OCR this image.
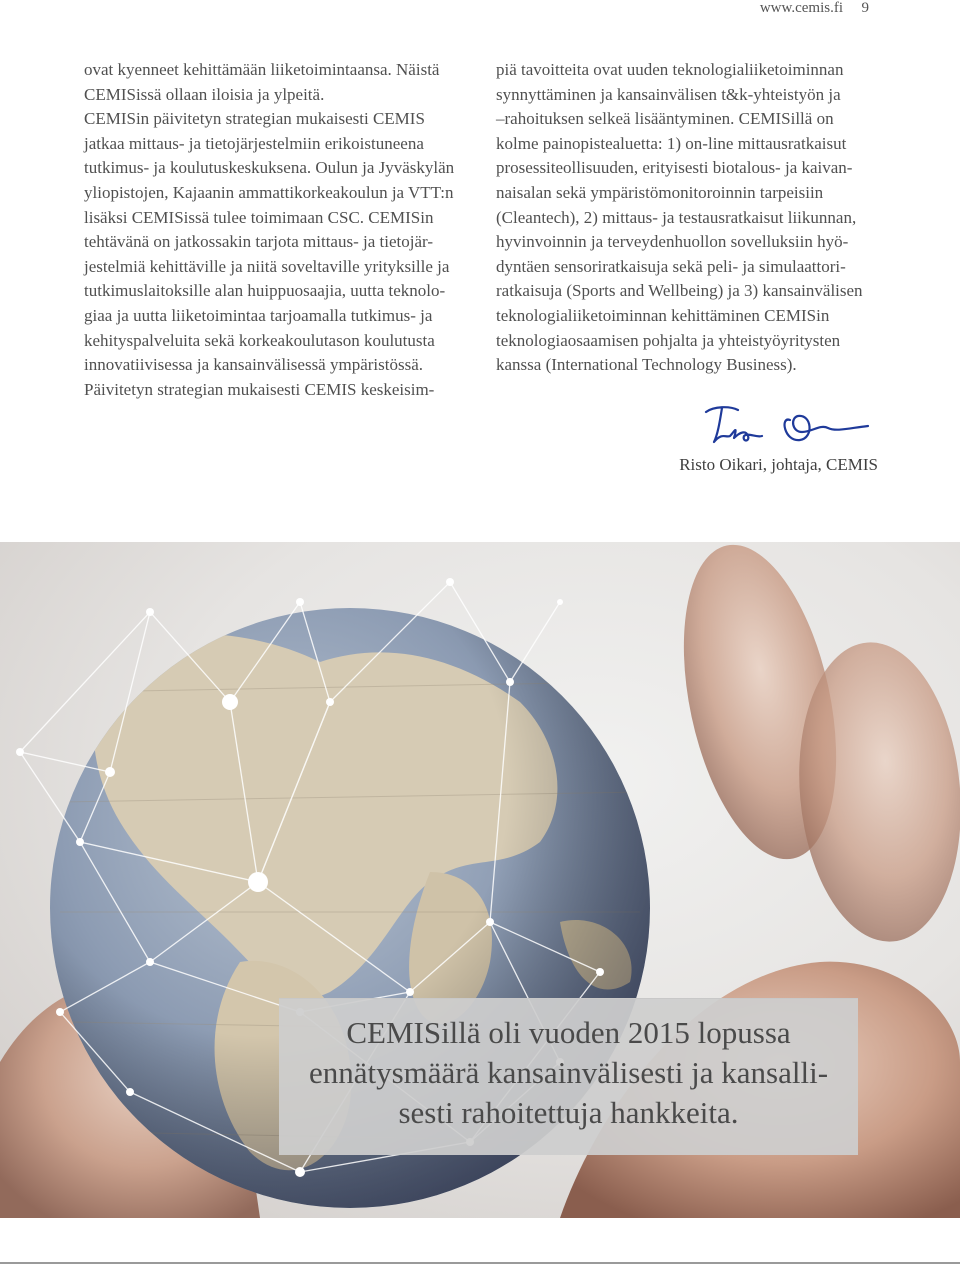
www.cemis.fi 9
ovat kyenneet kehittämään liiketoimintaansa. Näistä
CEMISissä ollaan iloisia ja ylpeitä.
CEMISin päivitetyn strategian mukaisesti CEMIS
jatkaa mittaus- ja tietojärjestelmiin erikoistuneena
tutkimus- ja koulutuskeskuksena. Oulun ja Jyväskylän
yliopistojen, Kajaanin ammattikorkeakoulun ja VTT:n
lisäksi CEMISissä tulee toimimaan CSC. CEMISin
tehtävänä on jatkossakin tarjota mittaus- ja tietojär-
jestelmiä kehittäville ja niitä soveltaville yrityksille ja
tutkimuslaitoksille alan huippuosaajia, uutta teknolo-
giaa ja uutta liiketoimintaa tarjoamalla tutkimus- ja
kehityspalveluita sekä korkeakoulutason koulutusta
innovatiivisessa ja kansainvälisessä ympäristössä.
Päivitetyn strategian mukaisesti CEMIS keskeisim-
piä tavoitteita ovat uuden teknologialiiketoiminnan
synnyttäminen ja kansainvälisen t&k-yhteistyön ja
–rahoituksen selkeä lisääntyminen. CEMISillä on
kolme painopistealuetta: 1) on-line mittausratkaisut
prosessiteollisuuden, erityisesti biotalous- ja kaivan-
naisalan sekä ympäristömonitoroinnin tarpeisiin
(Cleantech), 2) mittaus- ja testausratkaisut liikunnan,
hyvinvoinnin ja terveydenhuollon sovelluksiin hyö-
dyntäen sensoriratkaisuja sekä peli- ja simulaattori-
ratkaisuja (Sports and Wellbeing) ja 3) kansainvälisen
teknologialiiketoiminnan kehittäminen CEMISin
teknologiaosaamisen pohjalta ja yhteistyöyritysten
kanssa (International Technology Business).
Risto Oikari, johtaja, CEMIS
CEMISillä oli vuoden 2015 lopussa
ennätysmäärä kansainvälisesti ja kansalli-
sesti rahoitettuja hankkeita.
